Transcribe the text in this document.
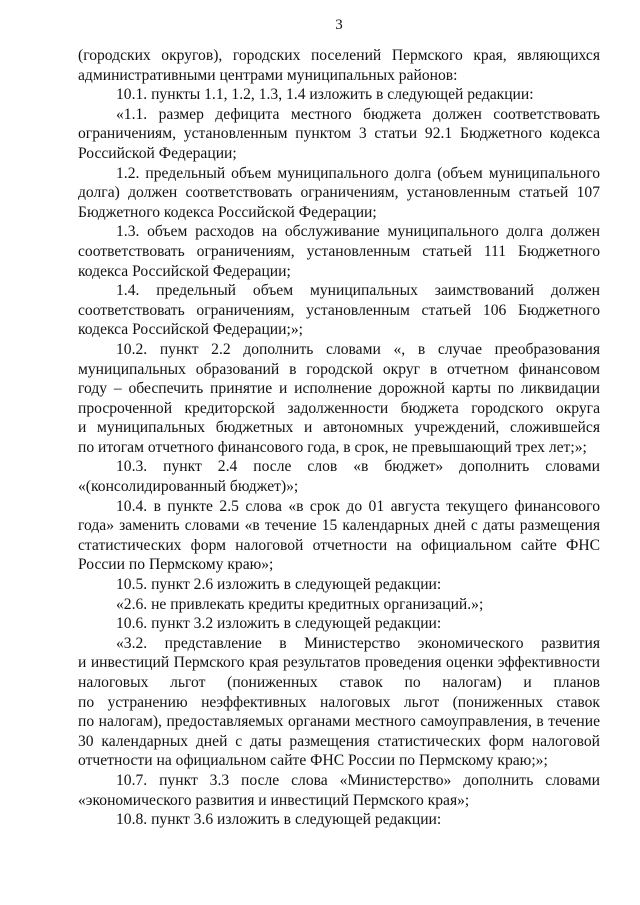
3
(городских округов), городских поселений Пермского края, являющихся
административными центрами муниципальных районов:
10.1. пункты 1.1, 1.2, 1.3, 1.4 изложить в следующей редакции:
«1.1. размер дефицита местного бюджета должен соответствовать
ограничениям, установленным пунктом 3 статьи 92.1 Бюджетного кодекса
Российской Федерации;
1.2. предельный объем муниципального долга (объем муниципального
долга) должен соответствовать ограничениям, установленным статьей 107
Бюджетного кодекса Российской Федерации;
1.3. объем расходов на обслуживание муниципального долга должен
соответствовать ограничениям, установленным статьей 111 Бюджетного
кодекса Российской Федерации;
1.4. предельный объем муниципальных заимствований должен
соответствовать ограничениям, установленным статьей 106 Бюджетного
кодекса Российской Федерации;»;
10.2. пункт 2.2 дополнить словами «, в случае преобразования
муниципальных образований в городской округ в отчетном финансовом
году – обеспечить принятие и исполнение дорожной карты по ликвидации
просроченной кредиторской задолженности бюджета городского округа
и муниципальных бюджетных и автономных учреждений, сложившейся
по итогам отчетного финансового года, в срок, не превышающий трех лет;»;
10.3. пункт 2.4 после слов «в бюджет» дополнить словами
«(консолидированный бюджет)»;
10.4. в пункте 2.5 слова «в срок до 01 августа текущего финансового
года» заменить словами «в течение 15 календарных дней с даты размещения
статистических форм налоговой отчетности на официальном сайте ФНС
России по Пермскому краю»;
10.5. пункт 2.6 изложить в следующей редакции:
«2.6. не привлекать кредиты кредитных организаций.»;
10.6. пункт 3.2 изложить в следующей редакции:
«3.2. представление в Министерство экономического развития
и инвестиций Пермского края результатов проведения оценки эффективности
налоговых льгот (пониженных ставок по налогам) и планов
по устранению неэффективных налоговых льгот (пониженных ставок
по налогам), предоставляемых органами местного самоуправления, в течение
30 календарных дней с даты размещения статистических форм налоговой
отчетности на официальном сайте ФНС России по Пермскому краю;»;
10.7. пункт 3.3 после слова «Министерство» дополнить словами
«экономического развития и инвестиций Пермского края»;
10.8. пункт 3.6 изложить в следующей редакции:
